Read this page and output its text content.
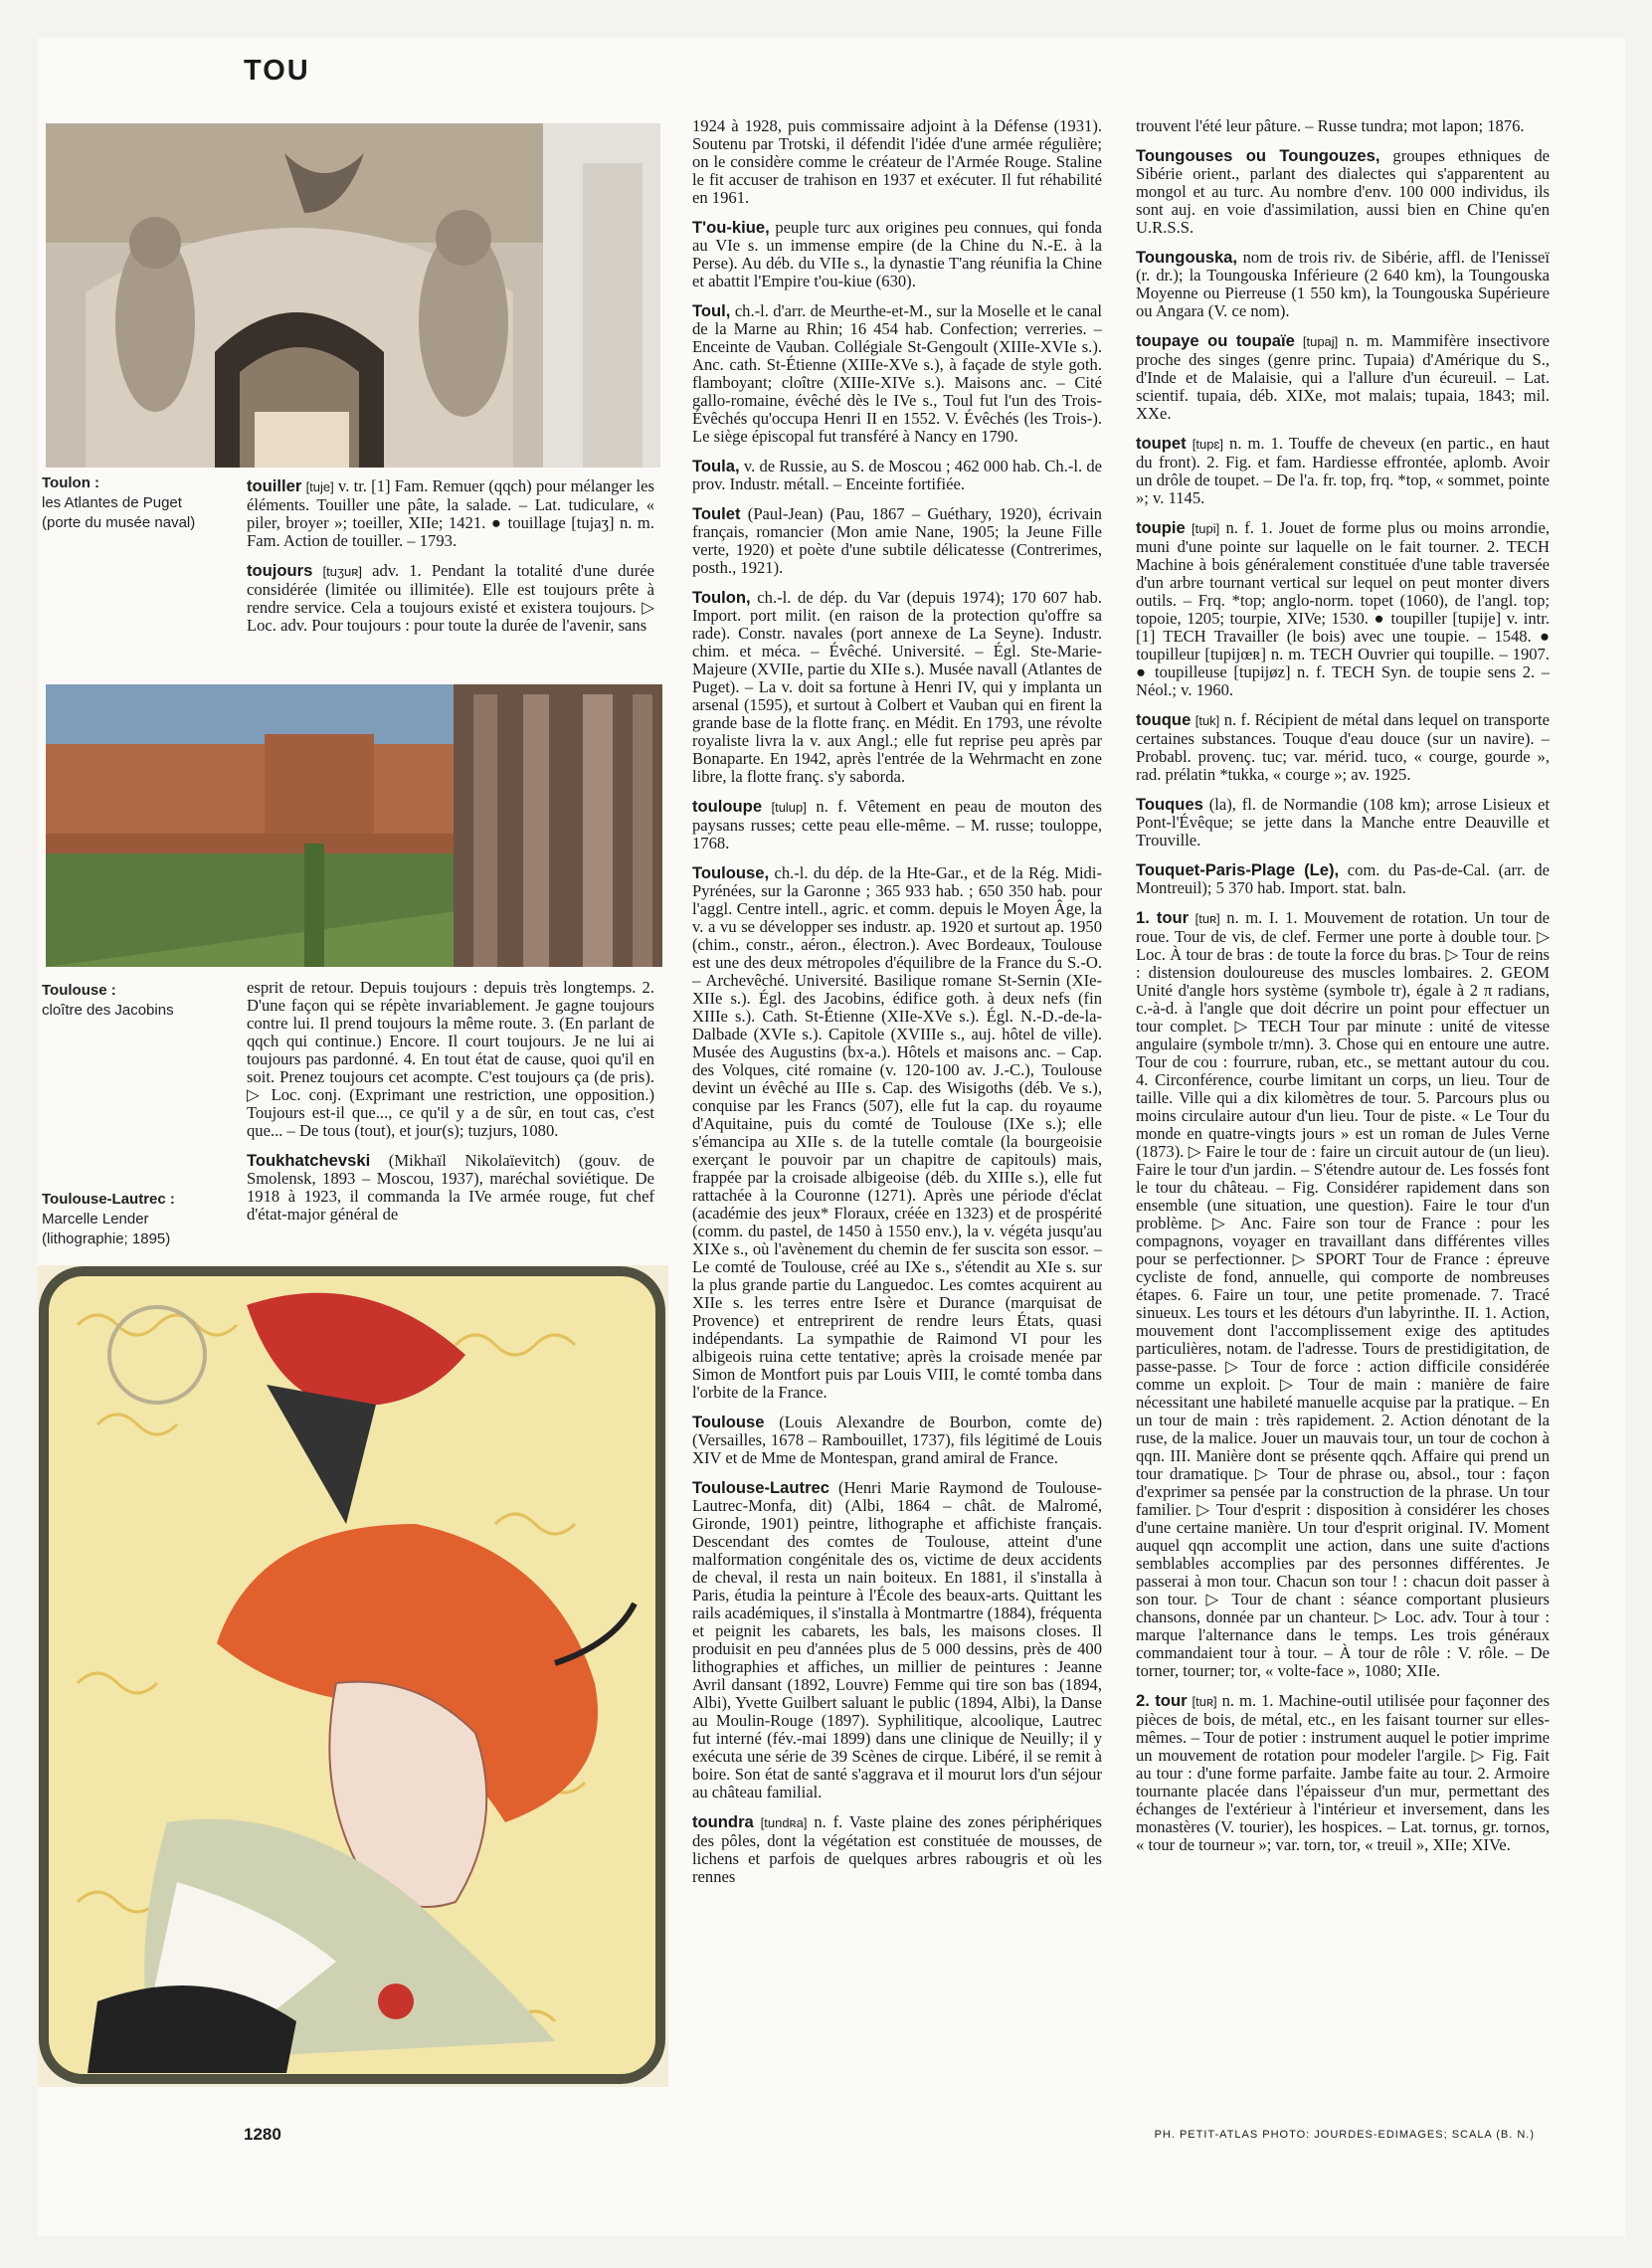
TOU
Toulon :
les Atlantes de Puget (porte du musée naval)
Toulouse :
cloître des Jacobins
Toulouse-Lautrec :
Marcelle Lender (lithographie; 1895)

touiller [tuje] v. tr. [1] Fam. Remuer (qqch) pour mélanger les éléments. Touiller une pâte, la salade. – Lat. tudiculare, « piler, broyer »; toeiller, XIIe; 1421. ● touillage [tujaʒ] n. m. Fam. Action de touiller. – 1793.

toujours [tuʒuʀ] adv. 1. Pendant la totalité d'une durée considérée (limitée ou illimitée). Elle est toujours prête à rendre service. Cela a toujours existé et existera toujours. ▷ Loc. adv. Pour toujours : pour toute la durée de l'avenir, sans

esprit de retour. Depuis toujours : depuis très longtemps. 2. D'une façon qui se répète invariablement. Je gagne toujours contre lui. Il prend toujours la même route. 3. (En parlant de qqch qui continue.) Encore. Il court toujours. Je ne lui ai toujours pas pardonné. 4. En tout état de cause, quoi qu'il en soit. Prenez toujours cet acompte. C'est toujours ça (de pris). ▷ Loc. conj. (Exprimant une restriction, une opposition.) Toujours est-il que..., ce qu'il y a de sûr, en tout cas, c'est que... – De tous (tout), et jour(s); tuzjurs, 1080.

Toukhatchevski (Mikhaïl Nikolaïevitch) (gouv. de Smolensk, 1893 – Moscou, 1937), maréchal soviétique. De 1918 à 1923, il commanda la IVe armée rouge, fut chef d'état-major général de

1924 à 1928, puis commissaire adjoint à la Défense (1931). Soutenu par Trotski, il défendit l'idée d'une armée régulière; on le considère comme le créateur de l'Armée Rouge. Staline le fit accuser de trahison en 1937 et exécuter. Il fut réhabilité en 1961.

T'ou-kiue, peuple turc aux origines peu connues, qui fonda au VIe s. un immense empire (de la Chine du N.-E. à la Perse). Au déb. du VIIe s., la dynastie T'ang réunifia la Chine et abattit l'Empire t'ou-kiue (630).

Toul, ch.-l. d'arr. de Meurthe-et-M., sur la Moselle et le canal de la Marne au Rhin; 16 454 hab. Confection; verreries. – Enceinte de Vauban. Collégiale St-Gengoult (XIIIe-XVIe s.). Anc. cath. St-Étienne (XIIIe-XVe s.), à façade de style goth. flamboyant; cloître (XIIIe-XIVe s.). Maisons anc. – Cité gallo-romaine, évêché dès le IVe s., Toul fut l'un des Trois-Évêchés qu'occupa Henri II en 1552. V. Évêchés (les Trois-). Le siège épiscopal fut transféré à Nancy en 1790.

Toula, v. de Russie, au S. de Moscou ; 462 000 hab. Ch.-l. de prov. Industr. métall. – Enceinte fortifiée.

Toulet (Paul-Jean) (Pau, 1867 – Guéthary, 1920), écrivain français, romancier (Mon amie Nane, 1905; la Jeune Fille verte, 1920) et poète d'une subtile délicatesse (Contrerimes, posth., 1921).

Toulon, ch.-l. de dép. du Var (depuis 1974); 170 607 hab. Import. port milit. (en raison de la protection qu'offre sa rade). Constr. navales (port annexe de La Seyne). Industr. chim. et méca. – Évêché. Université. – Égl. Ste-Marie-Majeure (XVIIe, partie du XIIe s.). Musée navall (Atlantes de Puget). – La v. doit sa fortune à Henri IV, qui y implanta un arsenal (1595), et surtout à Colbert et Vauban qui en firent la grande base de la flotte franç. en Médit. En 1793, une révolte royaliste livra la v. aux Angl.; elle fut reprise peu après par Bonaparte. En 1942, après l'entrée de la Wehrmacht en zone libre, la flotte franç. s'y saborda.

touloupe [tulup] n. f. Vêtement en peau de mouton des paysans russes; cette peau elle-même. – M. russe; touloppe, 1768.

Toulouse, ch.-l. du dép. de la Hte-Gar., et de la Rég. Midi-Pyrénées, sur la Garonne ; 365 933 hab. ; 650 350 hab. pour l'aggl. Centre intell., agric. et comm. depuis le Moyen Âge, la v. a vu se développer ses industr. ap. 1920 et surtout ap. 1950 (chim., constr., aéron., électron.). Avec Bordeaux, Toulouse est une des deux métropoles d'équilibre de la France du S.-O. – Archevêché. Université. Basilique romane St-Sernin (XIe-XIIe s.). Égl. des Jacobins, édifice goth. à deux nefs (fin XIIIe s.). Cath. St-Étienne (XIIe-XVe s.). Égl. N.-D.-de-la-Dalbade (XVIe s.). Capitole (XVIIIe s., auj. hôtel de ville). Musée des Augustins (bx-a.). Hôtels et maisons anc. – Cap. des Volques, cité romaine (v. 120-100 av. J.-C.), Toulouse devint un évêché au IIIe s. Cap. des Wisigoths (déb. Ve s.), conquise par les Francs (507), elle fut la cap. du royaume d'Aquitaine, puis du comté de Toulouse (IXe s.); elle s'émancipa au XIIe s. de la tutelle comtale (la bourgeoisie exerçant le pouvoir par un chapitre de capitouls) mais, frappée par la croisade albigeoise (déb. du XIIIe s.), elle fut rattachée à la Couronne (1271). Après une période d'éclat (académie des jeux* Floraux, créée en 1323) et de prospérité (comm. du pastel, de 1450 à 1550 env.), la v. végéta jusqu'au XIXe s., où l'avènement du chemin de fer suscita son essor. – Le comté de Toulouse, créé au IXe s., s'étendit au XIe s. sur la plus grande partie du Languedoc. Les comtes acquirent au XIIe s. les terres entre Isère et Durance (marquisat de Provence) et entreprirent de rendre leurs États, quasi indépendants. La sympathie de Raimond VI pour les albigeois ruina cette tentative; après la croisade menée par Simon de Montfort puis par Louis VIII, le comté tomba dans l'orbite de la France.

Toulouse (Louis Alexandre de Bourbon, comte de) (Versailles, 1678 – Rambouillet, 1737), fils légitimé de Louis XIV et de Mme de Montespan, grand amiral de France.

Toulouse-Lautrec (Henri Marie Raymond de Toulouse-Lautrec-Monfa, dit) (Albi, 1864 – chât. de Malromé, Gironde, 1901) peintre, lithographe et affichiste français. Descendant des comtes de Toulouse, atteint d'une malformation congénitale des os, victime de deux accidents de cheval, il resta un nain boiteux. En 1881, il s'installa à Paris, étudia la peinture à l'École des beaux-arts. Quittant les rails académiques, il s'installa à Montmartre (1884), fréquenta et peignit les cabarets, les bals, les maisons closes. Il produisit en peu d'années plus de 5 000 dessins, près de 400 lithographies et affiches, un millier de peintures : Jeanne Avril dansant (1892, Louvre) Femme qui tire son bas (1894, Albi), Yvette Guilbert saluant le public (1894, Albi), la Danse au Moulin-Rouge (1897). Syphilitique, alcoolique, Lautrec fut interné (fév.-mai 1899) dans une clinique de Neuilly; il y exécuta une série de 39 Scènes de cirque. Libéré, il se remit à boire. Son état de santé s'aggrava et il mourut lors d'un séjour au château familial.

toundra [tundʀa] n. f. Vaste plaine des zones périphériques des pôles, dont la végétation est constituée de mousses, de lichens et parfois de quelques arbres rabougris et où les rennes

trouvent l'été leur pâture. – Russe tundra; mot lapon; 1876.

Toungouses ou Toungouzes, groupes ethniques de Sibérie orient., parlant des dialectes qui s'apparentent au mongol et au turc. Au nombre d'env. 100 000 individus, ils sont auj. en voie d'assimilation, aussi bien en Chine qu'en U.R.S.S.

Toungouska, nom de trois riv. de Sibérie, affl. de l'Ienisseï (r. dr.); la Toungouska Inférieure (2 640 km), la Toungouska Moyenne ou Pierreuse (1 550 km), la Toungouska Supérieure ou Angara (V. ce nom).

toupaye ou toupaïe [tupaj] n. m. Mammifère insectivore proche des singes (genre princ. Tupaia) d'Amérique du S., d'Inde et de Malaisie, qui a l'allure d'un écureuil. – Lat. scientif. tupaia, déb. XIXe, mot malais; tupaia, 1843; mil. XXe.

toupet [tupɛ] n. m. 1. Touffe de cheveux (en partic., en haut du front). 2. Fig. et fam. Hardiesse effrontée, aplomb. Avoir un drôle de toupet. – De l'a. fr. top, frq. *top, « sommet, pointe »; v. 1145.

toupie [tupi] n. f. 1. Jouet de forme plus ou moins arrondie, muni d'une pointe sur laquelle on le fait tourner. 2. TECH Machine à bois généralement constituée d'une table traversée d'un arbre tournant vertical sur lequel on peut monter divers outils. – Frq. *top; anglo-norm. topet (1060), de l'angl. top; topoie, 1205; tourpie, XIVe; 1530. ● toupiller [tupije] v. intr. [1] TECH Travailler (le bois) avec une toupie. – 1548. ● toupilleur [tupijœʀ] n. m. TECH Ouvrier qui toupille. – 1907. ● toupilleuse [tupijøz] n. f. TECH Syn. de toupie sens 2. – Néol.; v. 1960.

touque [tuk] n. f. Récipient de métal dans lequel on transporte certaines substances. Touque d'eau douce (sur un navire). – Probabl. provenç. tuc; var. mérid. tuco, « courge, gourde », rad. prélatin *tukka, « courge »; av. 1925.

Touques (la), fl. de Normandie (108 km); arrose Lisieux et Pont-l'Évêque; se jette dans la Manche entre Deauville et Trouville.

Touquet-Paris-Plage (Le), com. du Pas-de-Cal. (arr. de Montreuil); 5 370 hab. Import. stat. baln.

1. tour [tuʀ] n. m. I. 1. Mouvement de rotation. Un tour de roue. Tour de vis, de clef. Fermer une porte à double tour. ▷ Loc. À tour de bras : de toute la force du bras. ▷ Tour de reins : distension douloureuse des muscles lombaires. 2. GEOM Unité d'angle hors système (symbole tr), égale à 2 π radians, c.-à-d. à l'angle que doit décrire un point pour effectuer un tour complet. ▷ TECH Tour par minute : unité de vitesse angulaire (symbole tr/mn). 3. Chose qui en entoure une autre. Tour de cou : fourrure, ruban, etc., se mettant autour du cou. 4. Circonférence, courbe limitant un corps, un lieu. Tour de taille. Ville qui a dix kilomètres de tour. 5. Parcours plus ou moins circulaire autour d'un lieu. Tour de piste. « Le Tour du monde en quatre-vingts jours » est un roman de Jules Verne (1873). ▷ Faire le tour de : faire un circuit autour de (un lieu). Faire le tour d'un jardin. – S'étendre autour de. Les fossés font le tour du château. – Fig. Considérer rapidement dans son ensemble (une situation, une question). Faire le tour d'un problème. ▷ Anc. Faire son tour de France : pour les compagnons, voyager en travaillant dans différentes villes pour se perfectionner. ▷ SPORT Tour de France : épreuve cycliste de fond, annuelle, qui comporte de nombreuses étapes. 6. Faire un tour, une petite promenade. 7. Tracé sinueux. Les tours et les détours d'un labyrinthe. II. 1. Action, mouvement dont l'accomplissement exige des aptitudes particulières, notam. de l'adresse. Tours de prestidigitation, de passe-passe. ▷ Tour de force : action difficile considérée comme un exploit. ▷ Tour de main : manière de faire nécessitant une habileté manuelle acquise par la pratique. – En un tour de main : très rapidement. 2. Action dénotant de la ruse, de la malice. Jouer un mauvais tour, un tour de cochon à qqn. III. Manière dont se présente qqch. Affaire qui prend un tour dramatique. ▷ Tour de phrase ou, absol., tour : façon d'exprimer sa pensée par la construction de la phrase. Un tour familier. ▷ Tour d'esprit : disposition à considérer les choses d'une certaine manière. Un tour d'esprit original. IV. Moment auquel qqn accomplit une action, dans une suite d'actions semblables accomplies par des personnes différentes. Je passerai à mon tour. Chacun son tour ! : chacun doit passer à son tour. ▷ Tour de chant : séance comportant plusieurs chansons, donnée par un chanteur. ▷ Loc. adv. Tour à tour : marque l'alternance dans le temps. Les trois généraux commandaient tour à tour. – À tour de rôle : V. rôle. – De torner, tourner; tor, « volte-face », 1080; XIIe.

2. tour [tuʀ] n. m. 1. Machine-outil utilisée pour façonner des pièces de bois, de métal, etc., en les faisant tourner sur elles-mêmes. – Tour de potier : instrument auquel le potier imprime un mouvement de rotation pour modeler l'argile. ▷ Fig. Fait au tour : d'une forme parfaite. Jambe faite au tour. 2. Armoire tournante placée dans l'épaisseur d'un mur, permettant des échanges de l'extérieur à l'intérieur et inversement, dans les monastères (V. tourier), les hospices. – Lat. tornus, gr. tornos, « tour de tourneur »; var. torn, tor, « treuil », XIIe; XIVe.

1280	PH. PETIT-ATLAS PHOTO: JOURDES-EDIMAGES; SCALA (B. N.)
